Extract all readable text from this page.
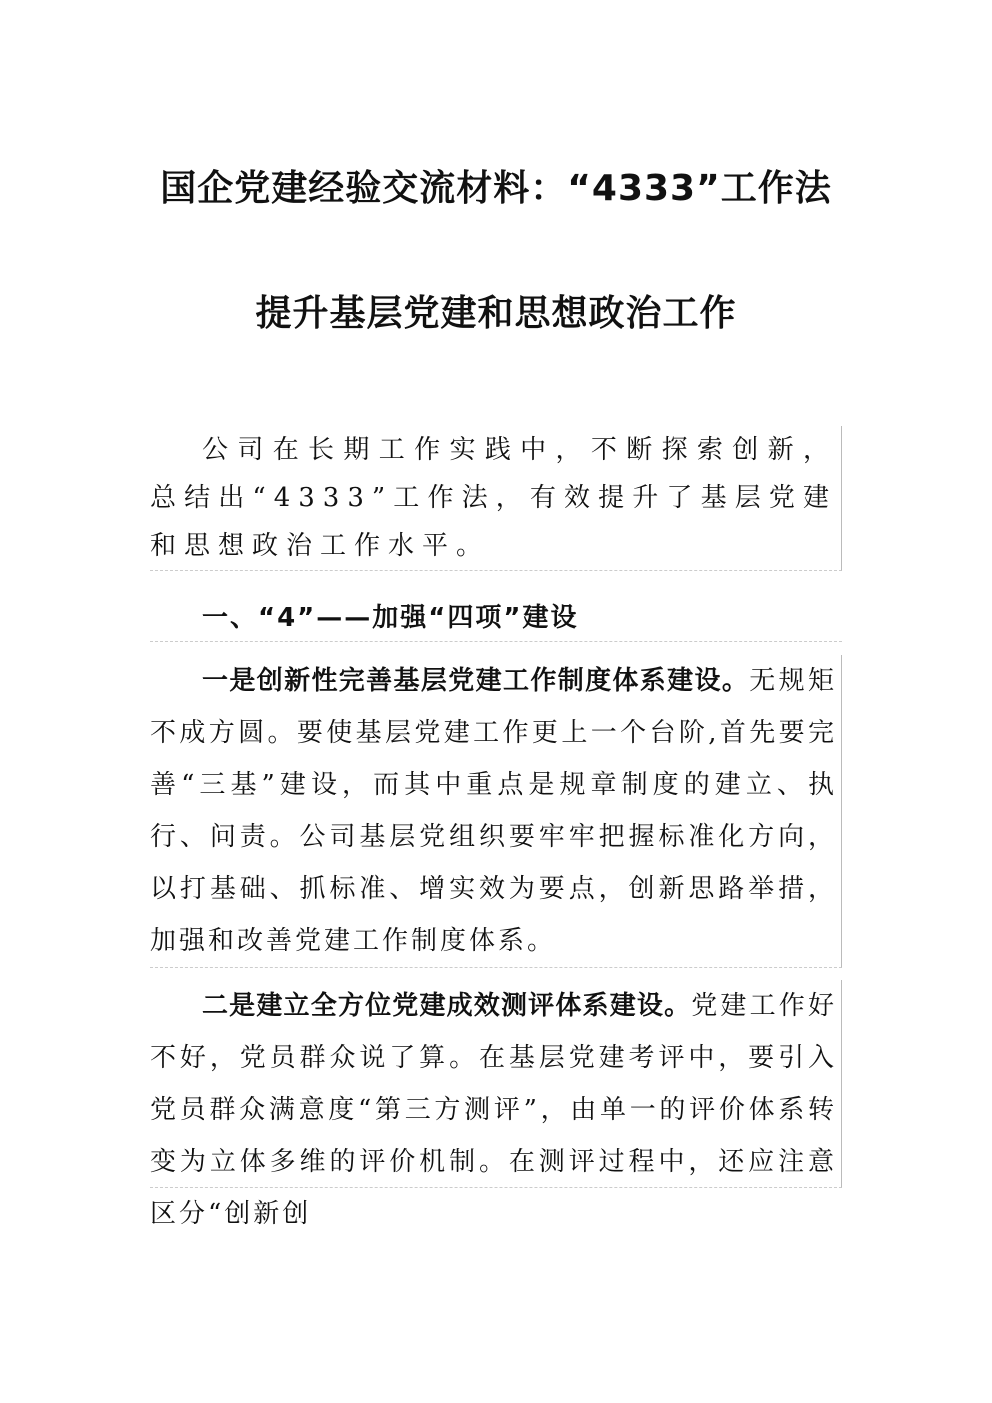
国企党建经验交流材料：“4333”工作法
提升基层党建和思想政治工作
公司在长期工作实践中，不断探索创新，总结出“4333”工作法，有效提升了基层党建和思想政治工作水平。
一、“4”——加强“四项”建设
一是创新性完善基层党建工作制度体系建设。无规矩不成方圆。要使基层党建工作更上一个台阶,首先要完善“三基”建设，而其中重点是规章制度的建立、执行、问责。公司基层党组织要牢牢把握标准化方向，以打基础、抓标准、增实效为要点，创新思路举措，加强和改善党建工作制度体系。
二是建立全方位党建成效测评体系建设。党建工作好不好，党员群众说了算。在基层党建考评中，要引入党员群众满意度“第三方测评”，由单一的评价体系转变为立体多维的评价机制。在测评过程中，还应注意区分“创新创
